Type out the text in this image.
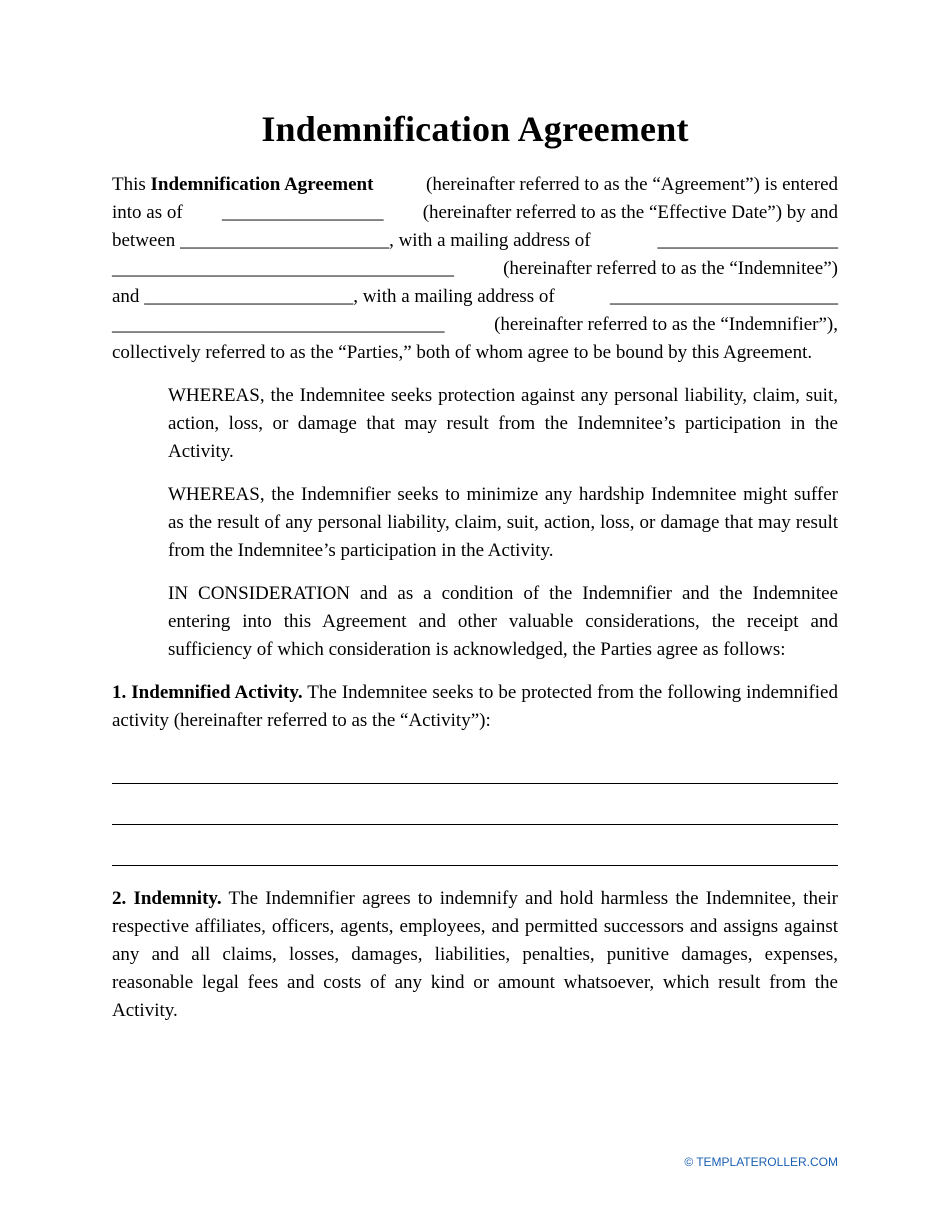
Indemnification Agreement
This Indemnification Agreement	(hereinafter referred to as the “Agreement”) is entered
into as of _________________ (hereinafter referred to as the “Effective Date”) by and
between ______________________, with a mailing address of	___________________
____________________________________	(hereinafter referred to as the “Indemnitee”)
and ______________________, with a mailing address of	________________________
___________________________________	(hereinafter referred to as the “Indemnifier”),
collectively referred to as the “Parties,” both of whom agree to be bound by this Agreement.

WHEREAS, the Indemnitee seeks protection against any personal liability, claim, suit, action, loss, or damage that may result from the Indemnitee’s participation in the Activity.

WHEREAS, the Indemnifier seeks to minimize any hardship Indemnitee might suffer as the result of any personal liability, claim, suit, action, loss, or damage that may result from the Indemnitee’s participation in the Activity.

IN CONSIDERATION and as a condition of the Indemnifier and the Indemnitee entering into this Agreement and other valuable considerations, the receipt and sufficiency of which consideration is acknowledged, the Parties agree as follows:

1. Indemnified Activity. The Indemnitee seeks to be protected from the following indemnified activity (hereinafter referred to as the “Activity”):

2. Indemnity. The Indemnifier agrees to indemnify and hold harmless the Indemnitee, their respective affiliates, officers, agents, employees, and permitted successors and assigns against any and all claims, losses, damages, liabilities, penalties, punitive damages, expenses, reasonable legal fees and costs of any kind or amount whatsoever, which result from the Activity.

© TEMPLATEROLLER.COM
